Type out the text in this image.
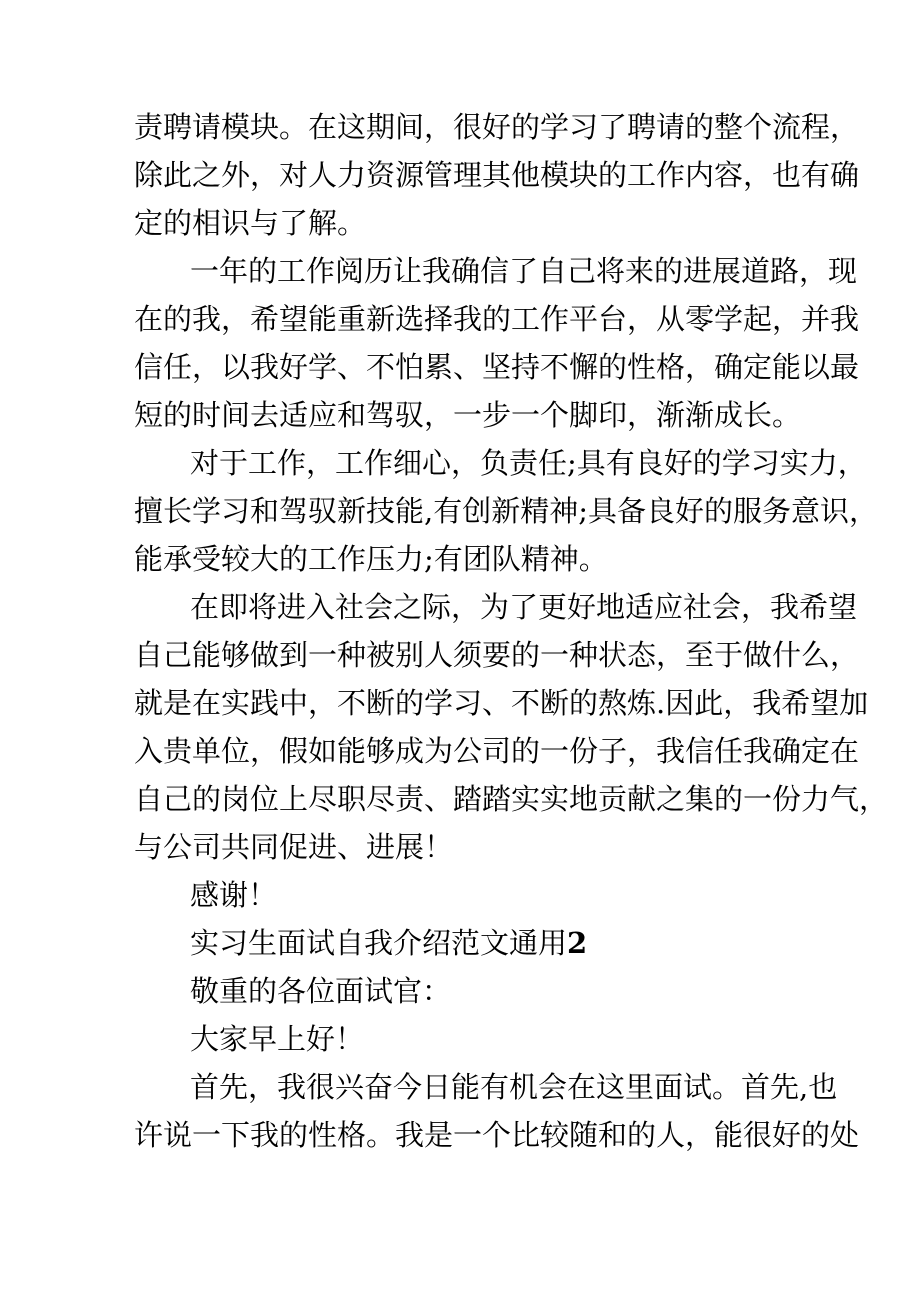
责聘请模块。在这期间，很好的学习了聘请的整个流程，
除此之外，对人力资源管理其他模块的工作内容，也有确
定的相识与了解。
一年的工作阅历让我确信了自己将来的进展道路，现
在的我，希望能重新选择我的工作平台，从零学起，并我
信任，以我好学、不怕累、坚持不懈的性格，确定能以最
短的时间去适应和驾驭，一步一个脚印，渐渐成长。
对于工作，工作细心，负责任;具有良好的学习实力，
擅长学习和驾驭新技能,有创新精神;具备良好的服务意识，
能承受较大的工作压力;有团队精神。
在即将进入社会之际，为了更好地适应社会，我希望
自己能够做到一种被别人须要的一种状态，至于做什么，
就是在实践中，不断的学习、不断的熬炼.因此，我希望加
入贵单位，假如能够成为公司的一份子，我信任我确定在
自己的岗位上尽职尽责、踏踏实实地贡献之集的一份力气，
与公司共同促进、进展！
感谢！
实习生面试自我介绍范文通用2
敬重的各位面试官：
大家早上好！
首先，我很兴奋今日能有机会在这里面试。首先,也
许说一下我的性格。我是一个比较随和的人，能很好的处
